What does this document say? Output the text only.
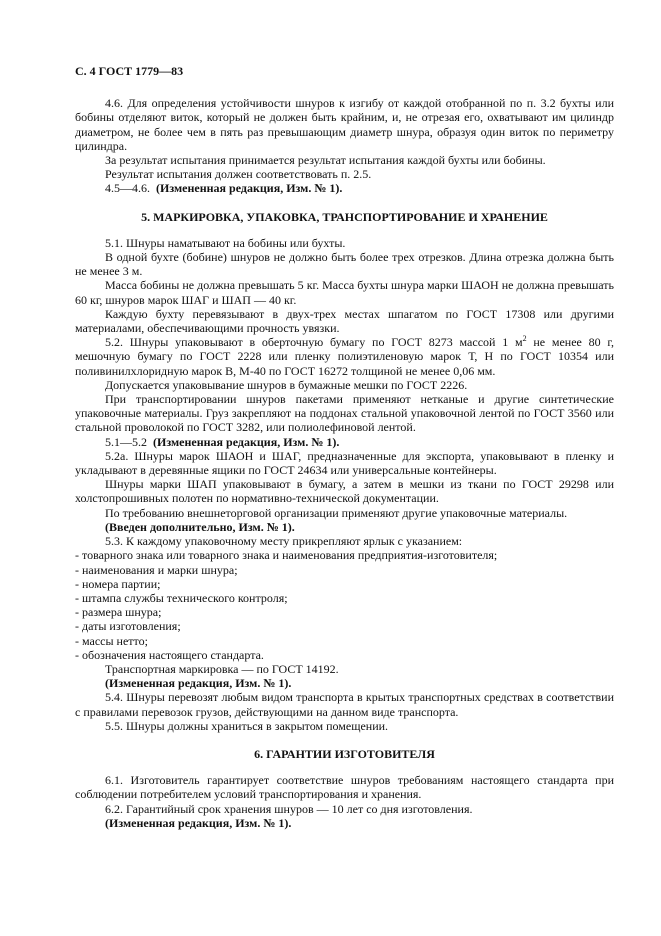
С. 4 ГОСТ 1779—83

4.6. Для определения устойчивости шнуров к изгибу от каждой отобранной по п. 3.2 бухты или бобины отделяют виток, который не должен быть крайним, и, не отрезая его, охватывают им цилиндр диаметром, не более чем в пять раз превышающим диаметр шнура, образуя один виток по периметру цилиндра.

За результат испытания принимается результат испытания каждой бухты или бобины.

Результат испытания должен соответствовать п. 2.5.

4.5—4.6. (Измененная редакция, Изм. № 1).

5. МАРКИРОВКА, УПАКОВКА, ТРАНСПОРТИРОВАНИЕ И ХРАНЕНИЕ

5.1. Шнуры наматывают на бобины или бухты.

В одной бухте (бобине) шнуров не должно быть более трех отрезков. Длина отрезка должна быть не менее 3 м.

Масса бобины не должна превышать 5 кг. Масса бухты шнура марки ШАОН не должна превышать 60 кг, шнуров марок ШАГ и ШАП — 40 кг.

Каждую бухту перевязывают в двух-трех местах шпагатом по ГОСТ 17308 или другими материалами, обеспечивающими прочность увязки.

5.2. Шнуры упаковывают в оберточную бумагу по ГОСТ 8273 массой 1 $м^2$ не менее 80 г, мешочную бумагу по ГОСТ 2228 или пленку полиэтиленовую марок Т, Н по ГОСТ 10354 или поливинилхлоридную марок В, М-40 по ГОСТ 16272 толщиной не менее 0,06 мм.

Допускается упаковывание шнуров в бумажные мешки по ГОСТ 2226.

При транспортировании шнуров пакетами применяют нетканые и другие синтетические упаковочные материалы. Груз закрепляют на поддонах стальной упаковочной лентой по ГОСТ 3560 или стальной проволокой по ГОСТ 3282, или полиолефиновой лентой.

5.1—5.2 (Измененная редакция, Изм. № 1).

5.2а. Шнуры марок ШАОН и ШАГ, предназначенные для экспорта, упаковывают в пленку и укладывают в деревянные ящики по ГОСТ 24634 или универсальные контейнеры.

Шнуры марки ШАП упаковывают в бумагу, а затем в мешки из ткани по ГОСТ 29298 или холстопрошивных полотен по нормативно-технической документации.

По требованию внешнеторговой организации применяют другие упаковочные материалы.

(Введен дополнительно, Изм. № 1).

5.3. К каждому упаковочному месту прикрепляют ярлык с указанием:

- товарного знака или товарного знака и наименования предприятия-изготовителя;

- наименования и марки шнура;

- номера партии;

- штампа службы технического контроля;

- размера шнура;

- даты изготовления;

- массы нетто;

- обозначения настоящего стандарта.

Транспортная маркировка — по ГОСТ 14192.

(Измененная редакция, Изм. № 1).

5.4. Шнуры перевозят любым видом транспорта в крытых транспортных средствах в соответствии с правилами перевозок грузов, действующими на данном виде транспорта.

5.5. Шнуры должны храниться в закрытом помещении.

6. ГАРАНТИИ ИЗГОТОВИТЕЛЯ

6.1. Изготовитель гарантирует соответствие шнуров требованиям настоящего стандарта при соблюдении потребителем условий транспортирования и хранения.

6.2. Гарантийный срок хранения шнуров — 10 лет со дня изготовления.

(Измененная редакция, Изм. № 1).
